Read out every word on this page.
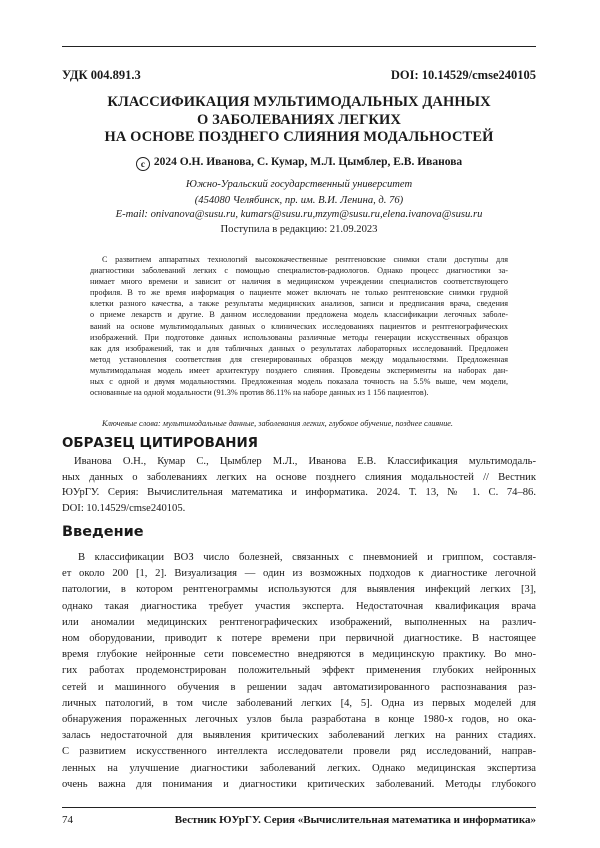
УДК 004.891.3	DOI: 10.14529/cmse240105
КЛАССИФИКАЦИЯ МУЛЬТИМОДАЛЬНЫХ ДАННЫХ
О ЗАБОЛЕВАНИЯХ ЛЕГКИХ
НА ОСНОВЕ ПОЗДНЕГО СЛИЯНИЯ МОДАЛЬНОСТЕЙ
c 2024 О.Н. Иванова, С. Кумар, М.Л. Цымблер, Е.В. Иванова
Южно-Уральский государственный университет
(454080 Челябинск, пр. им. В.И. Ленина, д. 76)
E-mail: onivanova@susu.ru, kumars@susu.ru,mzym@susu.ru,elena.ivanova@susu.ru
Поступила в редакцию: 21.09.2023
С развитием аппаратных технологий высококачественные рентгеновские снимки стали доступны для
диагностики заболеваний легких с помощью специалистов-радиологов. Однако процесс диагностики за-
нимает много времени и зависит от наличия в медицинском учреждении специалистов соответствующего
профиля. В то же время информация о пациенте может включать не только рентгеновские снимки грудной
клетки разного качества, а также результаты медицинских анализов, записи и предписания врача, сведения
о приеме лекарств и другие. В данном исследовании предложена модель классификации легочных заболе-
ваний на основе мультимодальных данных о клинических исследованиях пациентов и рентгенографических
изображений. При подготовке данных использованы различные методы генерации искусственных образцов
как для изображений, так и для табличных данных о результатах лабораторных исследований. Предложен
метод установления соответствия для сгенерированных образцов между модальностями. Предложенная
мультимодальная модель имеет архитектуру позднего слияния. Проведены эксперименты на наборах дан-
ных с одной и двумя модальностями. Предложенная модель показала точность на 5.5% выше, чем модели,
основанные на одной модальности (91.3% против 86.11% на наборе данных из 1 156 пациентов).
Ключевые слова: мультимодальные данные, заболевания легких, глубокое обучение, позднее слияние.
ОБРАЗЕЦ ЦИТИРОВАНИЯ
Иванова О.Н., Кумар С., Цымблер М.Л., Иванова Е.В. Классификация мультимодаль-
ных данных о заболеваниях легких на основе позднего слияния модальностей // Вестник
ЮУрГУ. Серия: Вычислительная математика и информатика. 2024. Т. 13, № 1. С. 74–86.
DOI: 10.14529/cmse240105.
Введение
В классификации ВОЗ число болезней, связанных с пневмонией и гриппом, составля-
ет около 200 [1, 2]. Визуализация — один из возможных подходов к диагностике легочной
патологии, в котором рентгенограммы используются для выявления инфекций легких [3],
однако такая диагностика требует участия эксперта. Недостаточная квалификация врача
или аномалии медицинских рентгенографических изображений, выполненных на различ-
ном оборудовании, приводит к потере времени при первичной диагностике. В настоящее
время глубокие нейронные сети повсеместно внедряются в медицинскую практику. Во мно-
гих работах продемонстрирован положительный эффект применения глубоких нейронных
сетей и машинного обучения в решении задач автоматизированного распознавания раз-
личных патологий, в том числе заболеваний легких [4, 5]. Одна из первых моделей для
обнаружения пораженных легочных узлов была разработана в конце 1980-х годов, но ока-
залась недостаточной для выявления критических заболеваний легких на ранних стадиях.
С развитием искусственного интеллекта исследователи провели ряд исследований, направ-
ленных на улучшение диагностики заболеваний легких. Однако медицинская экспертиза
очень важна для понимания и диагностики критических заболеваний. Методы глубокого
74	Вестник ЮУрГУ. Серия «Вычислительная математика и информатика»
